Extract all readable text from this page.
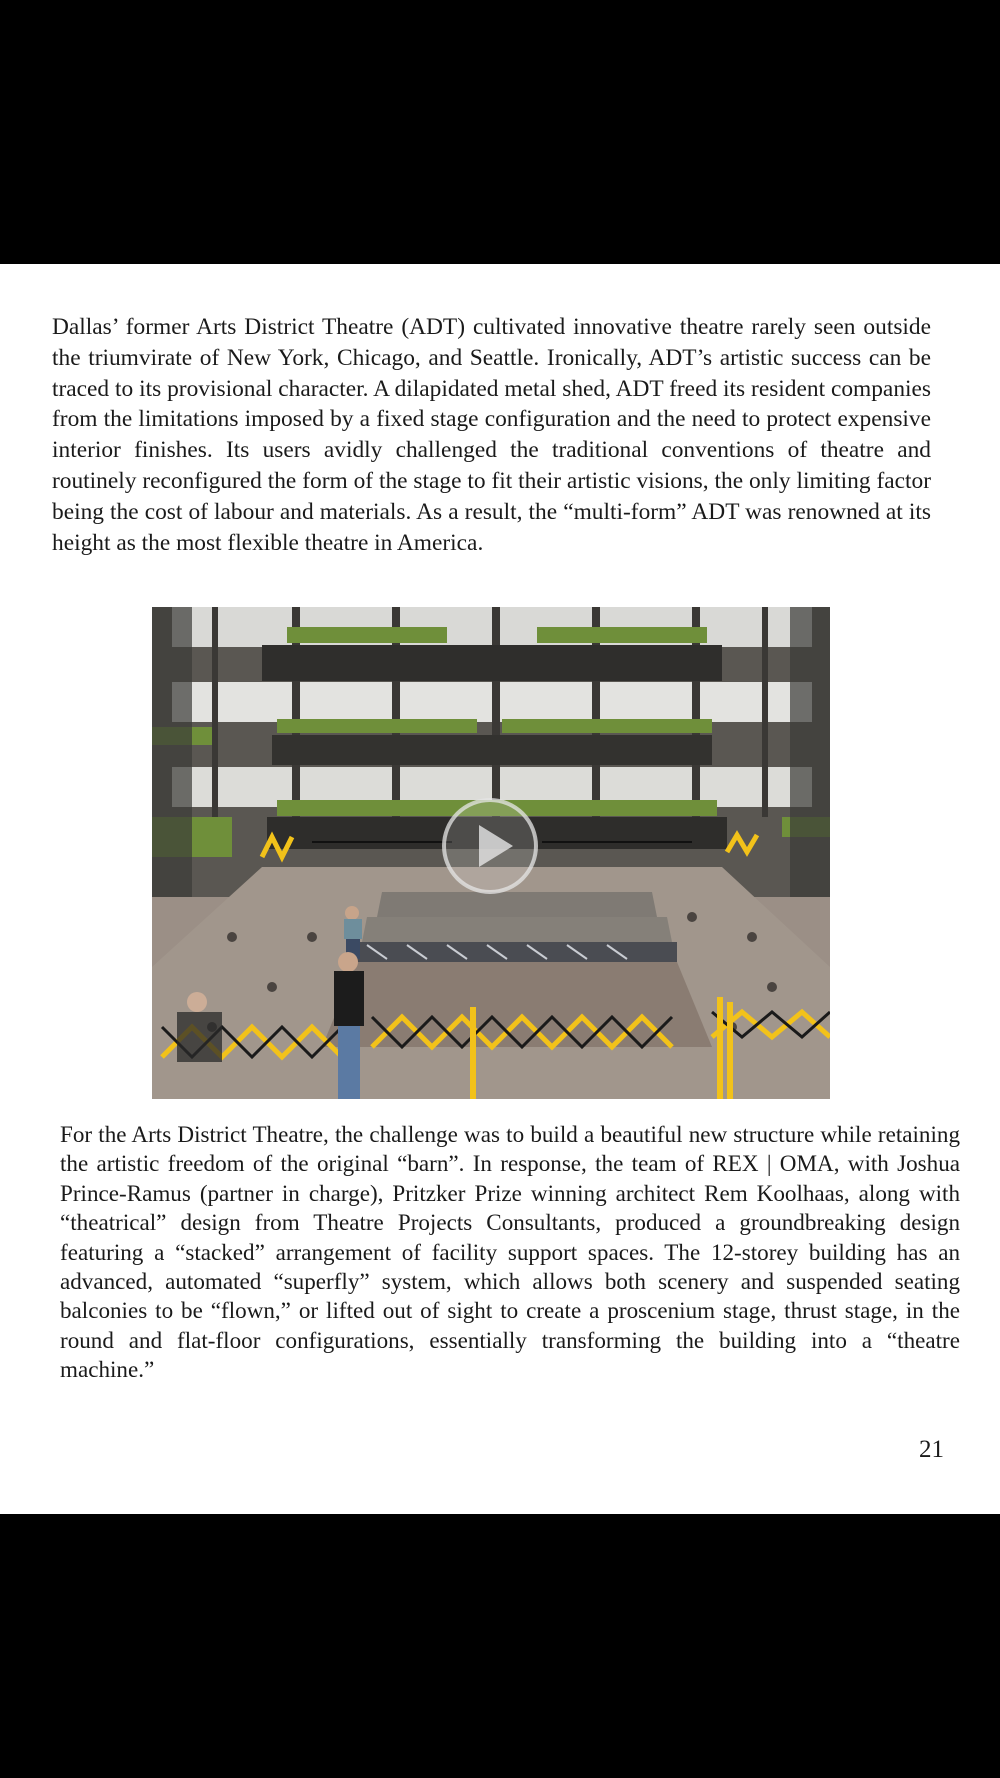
Dallas’ former Arts District Theatre (ADT) cultivated innovative theatre rarely seen outside the triumvirate of New York, Chicago, and Seattle. Ironically, ADT’s artistic success can be traced to its provisional character. A dilapidated metal shed, ADT freed its resident companies from the limitations imposed by a fixed stage configuration and the need to protect expensive interior finishes. Its users avidly challenged the traditional conventions of theatre and routinely reconfigured the form of the stage to fit their artistic visions, the only limiting factor being the cost of labour and materials. As a result, the “multi-form” ADT was renowned at its height as the most flexible theatre in America.

For the Arts District Theatre, the challenge was to build a beautiful new structure while retaining the artistic freedom of the original “barn”. In response, the team of REX | OMA, with Joshua Prince-Ramus (partner in charge), Pritzker Prize winning architect Rem Koolhaas, along with “theatrical” design from Theatre Projects Consultants, produced a groundbreaking design featuring a “stacked” arrangement of facility support spaces. The 12-storey building has an advanced, automated “superfly” system, which allows both scenery and suspended seating balconies to be “flown,” or lifted out of sight to create a proscenium stage, thrust stage, in the round and flat-floor configurations, essentially transforming the building into a “theatre machine.”

21
